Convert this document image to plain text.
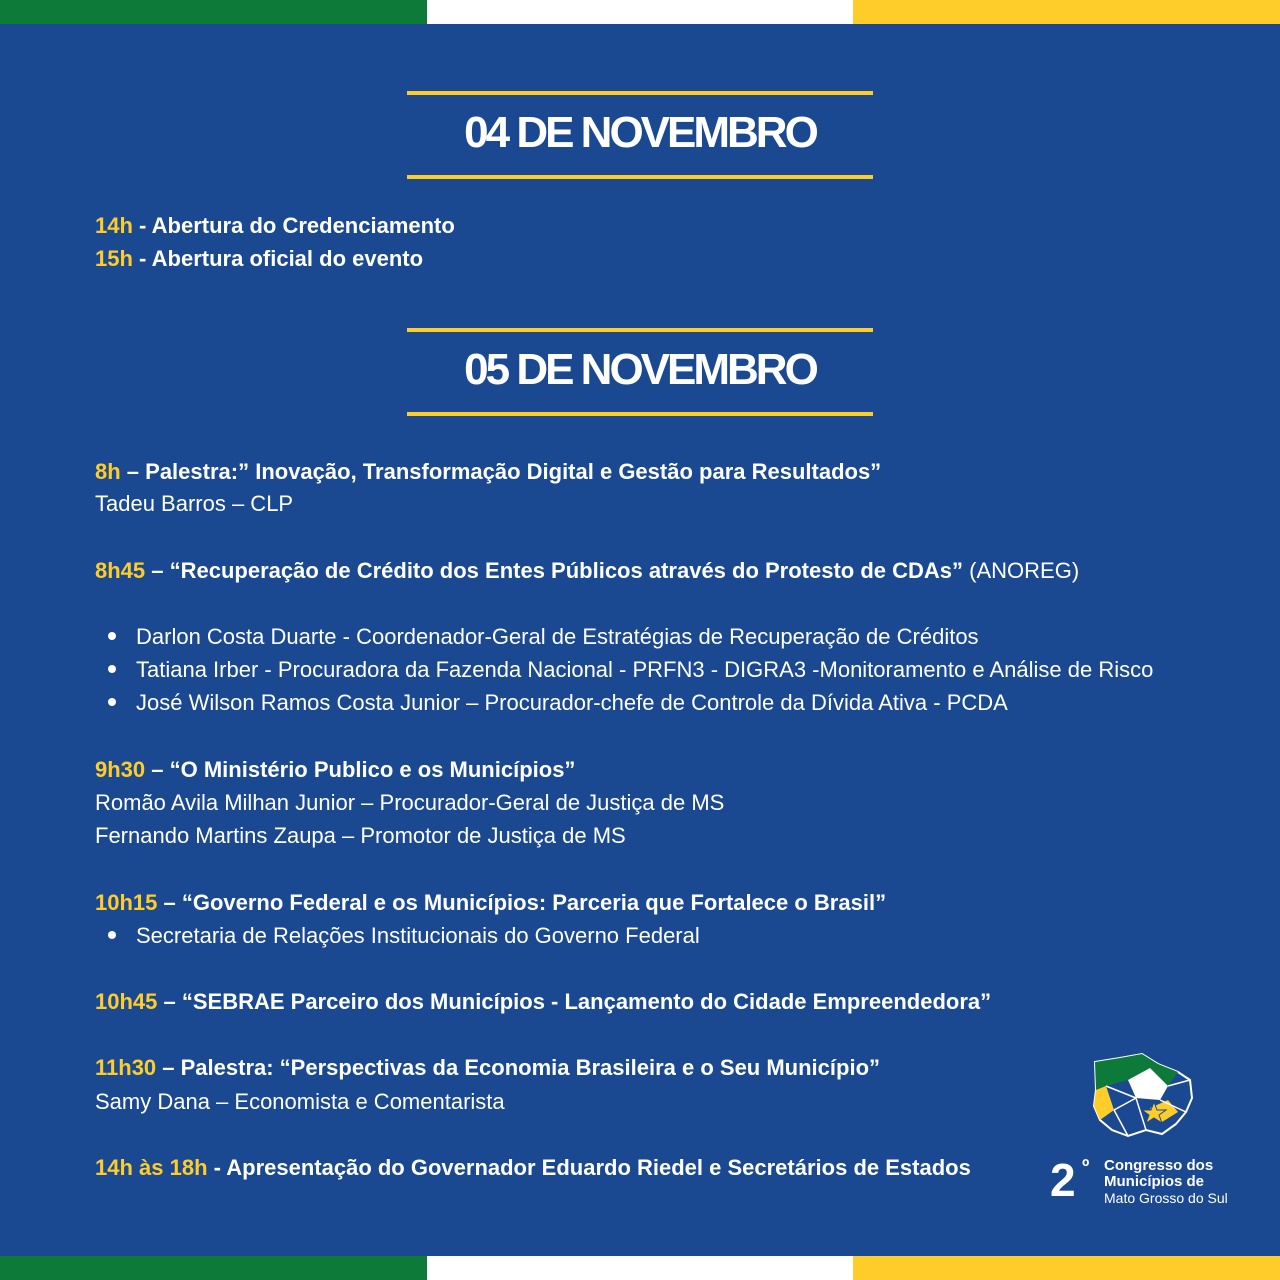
04 DE NOVEMBRO
14h - Abertura do Credenciamento
15h - Abertura oficial do evento
05 DE NOVEMBRO
8h – Palestra:” Inovação, Transformação Digital e Gestão para Resultados”
Tadeu Barros – CLP
8h45 – “Recuperação de Crédito dos Entes Públicos através do Protesto de CDAs” (ANOREG)
Darlon Costa Duarte - Coordenador-Geral de Estratégias de Recuperação de Créditos
Tatiana Irber - Procuradora da Fazenda Nacional - PRFN3 - DIGRA3 -Monitoramento e Análise de Risco
José Wilson Ramos Costa Junior – Procurador-chefe de Controle da Dívida Ativa - PCDA
9h30 – “O Ministério Publico e os Municípios”
Romão Avila Milhan Junior – Procurador-Geral de Justiça de MS
Fernando Martins Zaupa – Promotor de Justiça de MS
10h15 – “Governo Federal e os Municípios: Parceria que Fortalece o Brasil”
Secretaria de Relações Institucionais do Governo Federal
10h45 – “SEBRAE Parceiro dos Municípios - Lançamento do Cidade Empreendedora”
11h30 – Palestra: “Perspectivas da Economia Brasileira e o Seu Município”
Samy Dana – Economista e Comentarista
14h às 18h - Apresentação do Governador Eduardo Riedel e Secretários de Estados 2 º Congresso dos
Municípios de
Mato Grosso do Sul
